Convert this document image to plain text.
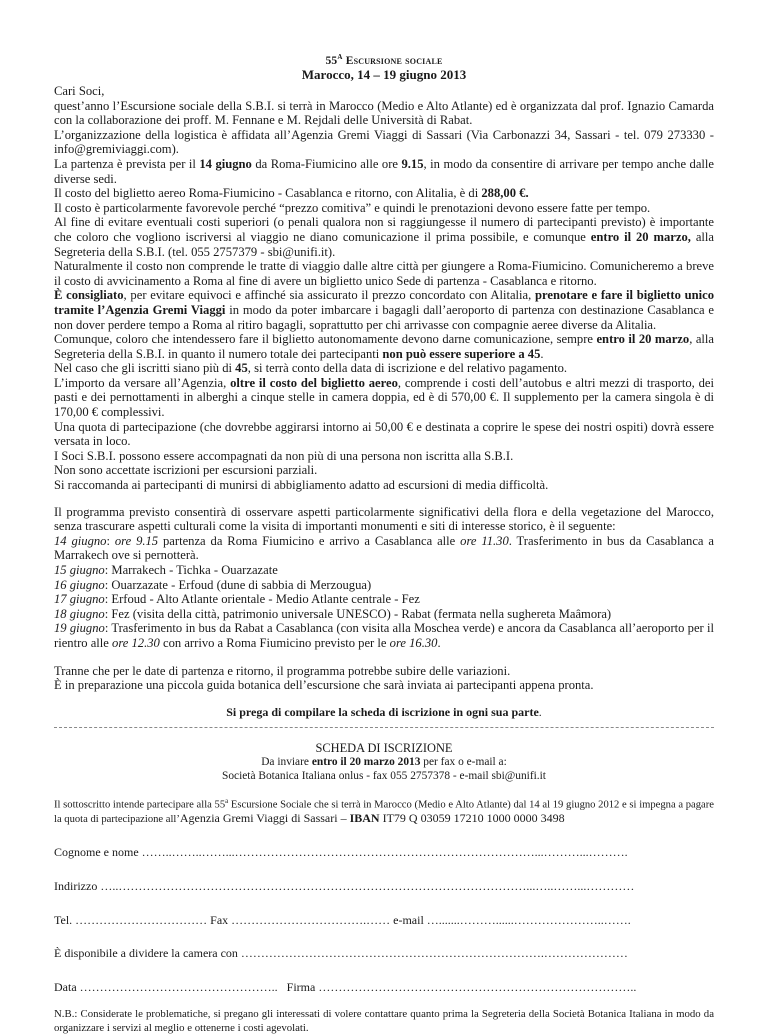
$55^A$ Escursione sociale
Marocco, 14 – 19 giugno 2013

Cari Soci,

quest’anno l’Escursione sociale della S.B.I. si terrà in Marocco (Medio e Alto Atlante) ed è organizzata dal prof. Ignazio Camarda con la collaborazione dei proff. M. Fennane e M. Rejdali delle Università di Rabat.

L’organizzazione della logistica è affidata all’Agenzia Gremi Viaggi di Sassari (Via Carbonazzi 34, Sassari - tel. 079 273330 - info@gremiviaggi.com).

La partenza è prevista per il 14 giugno da Roma-Fiumicino alle ore 9.15, in modo da consentire di arrivare per tempo anche dalle diverse sedi.

Il costo del biglietto aereo Roma-Fiumicino - Casablanca e ritorno, con Alitalia, è di 288,00 €.

Il costo è particolarmente favorevole perché “prezzo comitiva” e quindi le prenotazioni devono essere fatte per tempo.

Al fine di evitare eventuali costi superiori (o penali qualora non si raggiungesse il numero di partecipanti previsto) è importante che coloro che vogliono iscriversi al viaggio ne diano comunicazione il prima possibile, e comunque entro il 20 marzo, alla Segreteria della S.B.I. (tel. 055 2757379 - sbi@unifi.it).

Naturalmente il costo non comprende le tratte di viaggio dalle altre città per giungere a Roma-Fiumicino. Comunicheremo a breve il costo di avvicinamento a Roma al fine di avere un biglietto unico Sede di partenza - Casablanca e ritorno.

È consigliato, per evitare equivoci e affinché sia assicurato il prezzo concordato con Alitalia, prenotare e fare il biglietto unico tramite l’Agenzia Gremi Viaggi in modo da poter imbarcare i bagagli dall’aeroporto di partenza con destinazione Casablanca e non dover perdere tempo a Roma al ritiro bagagli, soprattutto per chi arrivasse con compagnie aeree diverse da Alitalia.

Comunque, coloro che intendessero fare il biglietto autonomamente devono darne comunicazione, sempre entro il 20 marzo, alla Segreteria della S.B.I. in quanto il numero totale dei partecipanti non può essere superiore a 45.

Nel caso che gli iscritti siano più di 45, si terrà conto della data di iscrizione e del relativo pagamento.

L’importo da versare all’Agenzia, oltre il costo del biglietto aereo, comprende i costi dell’autobus e altri mezzi di trasporto, dei pasti e dei pernottamenti in alberghi a cinque stelle in camera doppia, ed è di 570,00 €. Il supplemento per la camera singola è di 170,00 € complessivi.

Una quota di partecipazione (che dovrebbe aggirarsi intorno ai 50,00 € e destinata a coprire le spese dei nostri ospiti) dovrà essere versata in loco.

I Soci S.B.I. possono essere accompagnati da non più di una persona non iscritta alla S.B.I.

Non sono accettate iscrizioni per escursioni parziali.

Si raccomanda ai partecipanti di munirsi di abbigliamento adatto ad escursioni di media difficoltà.

Il programma previsto consentirà di osservare aspetti particolarmente significativi della flora e della vegetazione del Marocco, senza trascurare aspetti culturali come la visita di importanti monumenti e siti di interesse storico, è il seguente:

14 giugno: ore 9.15 partenza da Roma Fiumicino e arrivo a Casablanca alle ore 11.30. Trasferimento in bus da Casablanca a Marrakech ove si pernotterà.

15 giugno: Marrakech - Tichka - Ouarzazate

16 giugno: Ouarzazate - Erfoud (dune di sabbia di Merzougua)

17 giugno: Erfoud - Alto Atlante orientale - Medio Atlante centrale - Fez

18 giugno: Fez (visita della città, patrimonio universale UNESCO) - Rabat (fermata nella sughereta Maâmora)

19 giugno: Trasferimento in bus da Rabat a Casablanca (con visita alla Moschea verde) e ancora da Casablanca all’aeroporto per il rientro alle ore 12.30 con arrivo a Roma Fiumicino previsto per le ore 16.30.

Tranne che per le date di partenza e ritorno, il programma potrebbe subire delle variazioni.

È in preparazione una piccola guida botanica dell’escursione che sarà inviata ai partecipanti appena pronta.

Si prega di compilare la scheda di iscrizione in ogni sua parte.

SCHEDA DI ISCRIZIONE

Da inviare entro il 20 marzo 2013 per fax o e-mail a:

Società Botanica Italiana onlus - fax 055 2757378 - e-mail sbi@unifi.it

Il sottoscritto intende partecipare alla 55$^a$ Escursione Sociale che si terrà in Marocco (Medio e Alto Atlante) dal 14 al 19 giugno 2012 e si impegna a pagare la quota di partecipazione all’Agenzia Gremi Viaggi di Sassari – IBAN IT79 Q 03059 17210 1000 0000 3498

Cognome e nome ……..……..……...…………………………………………………………………...………...……….
Indirizzo …..…………………………………………………………………………………………...…..……...…………
Tel. …………………………… Fax …………………………….…… e-mail ….......………......…………………..…….
È disponibile a dividere la camera con ………………………………………………………………….…………………
Data ………………………………………….. Firma ……………………………………………………………………..

N.B.: Considerate le problematiche, si pregano gli interessati di volere contattare quanto prima la Segreteria della Società Botanica Italiana in modo da organizzare i servizi al meglio e ottenerne i costi agevolati.
